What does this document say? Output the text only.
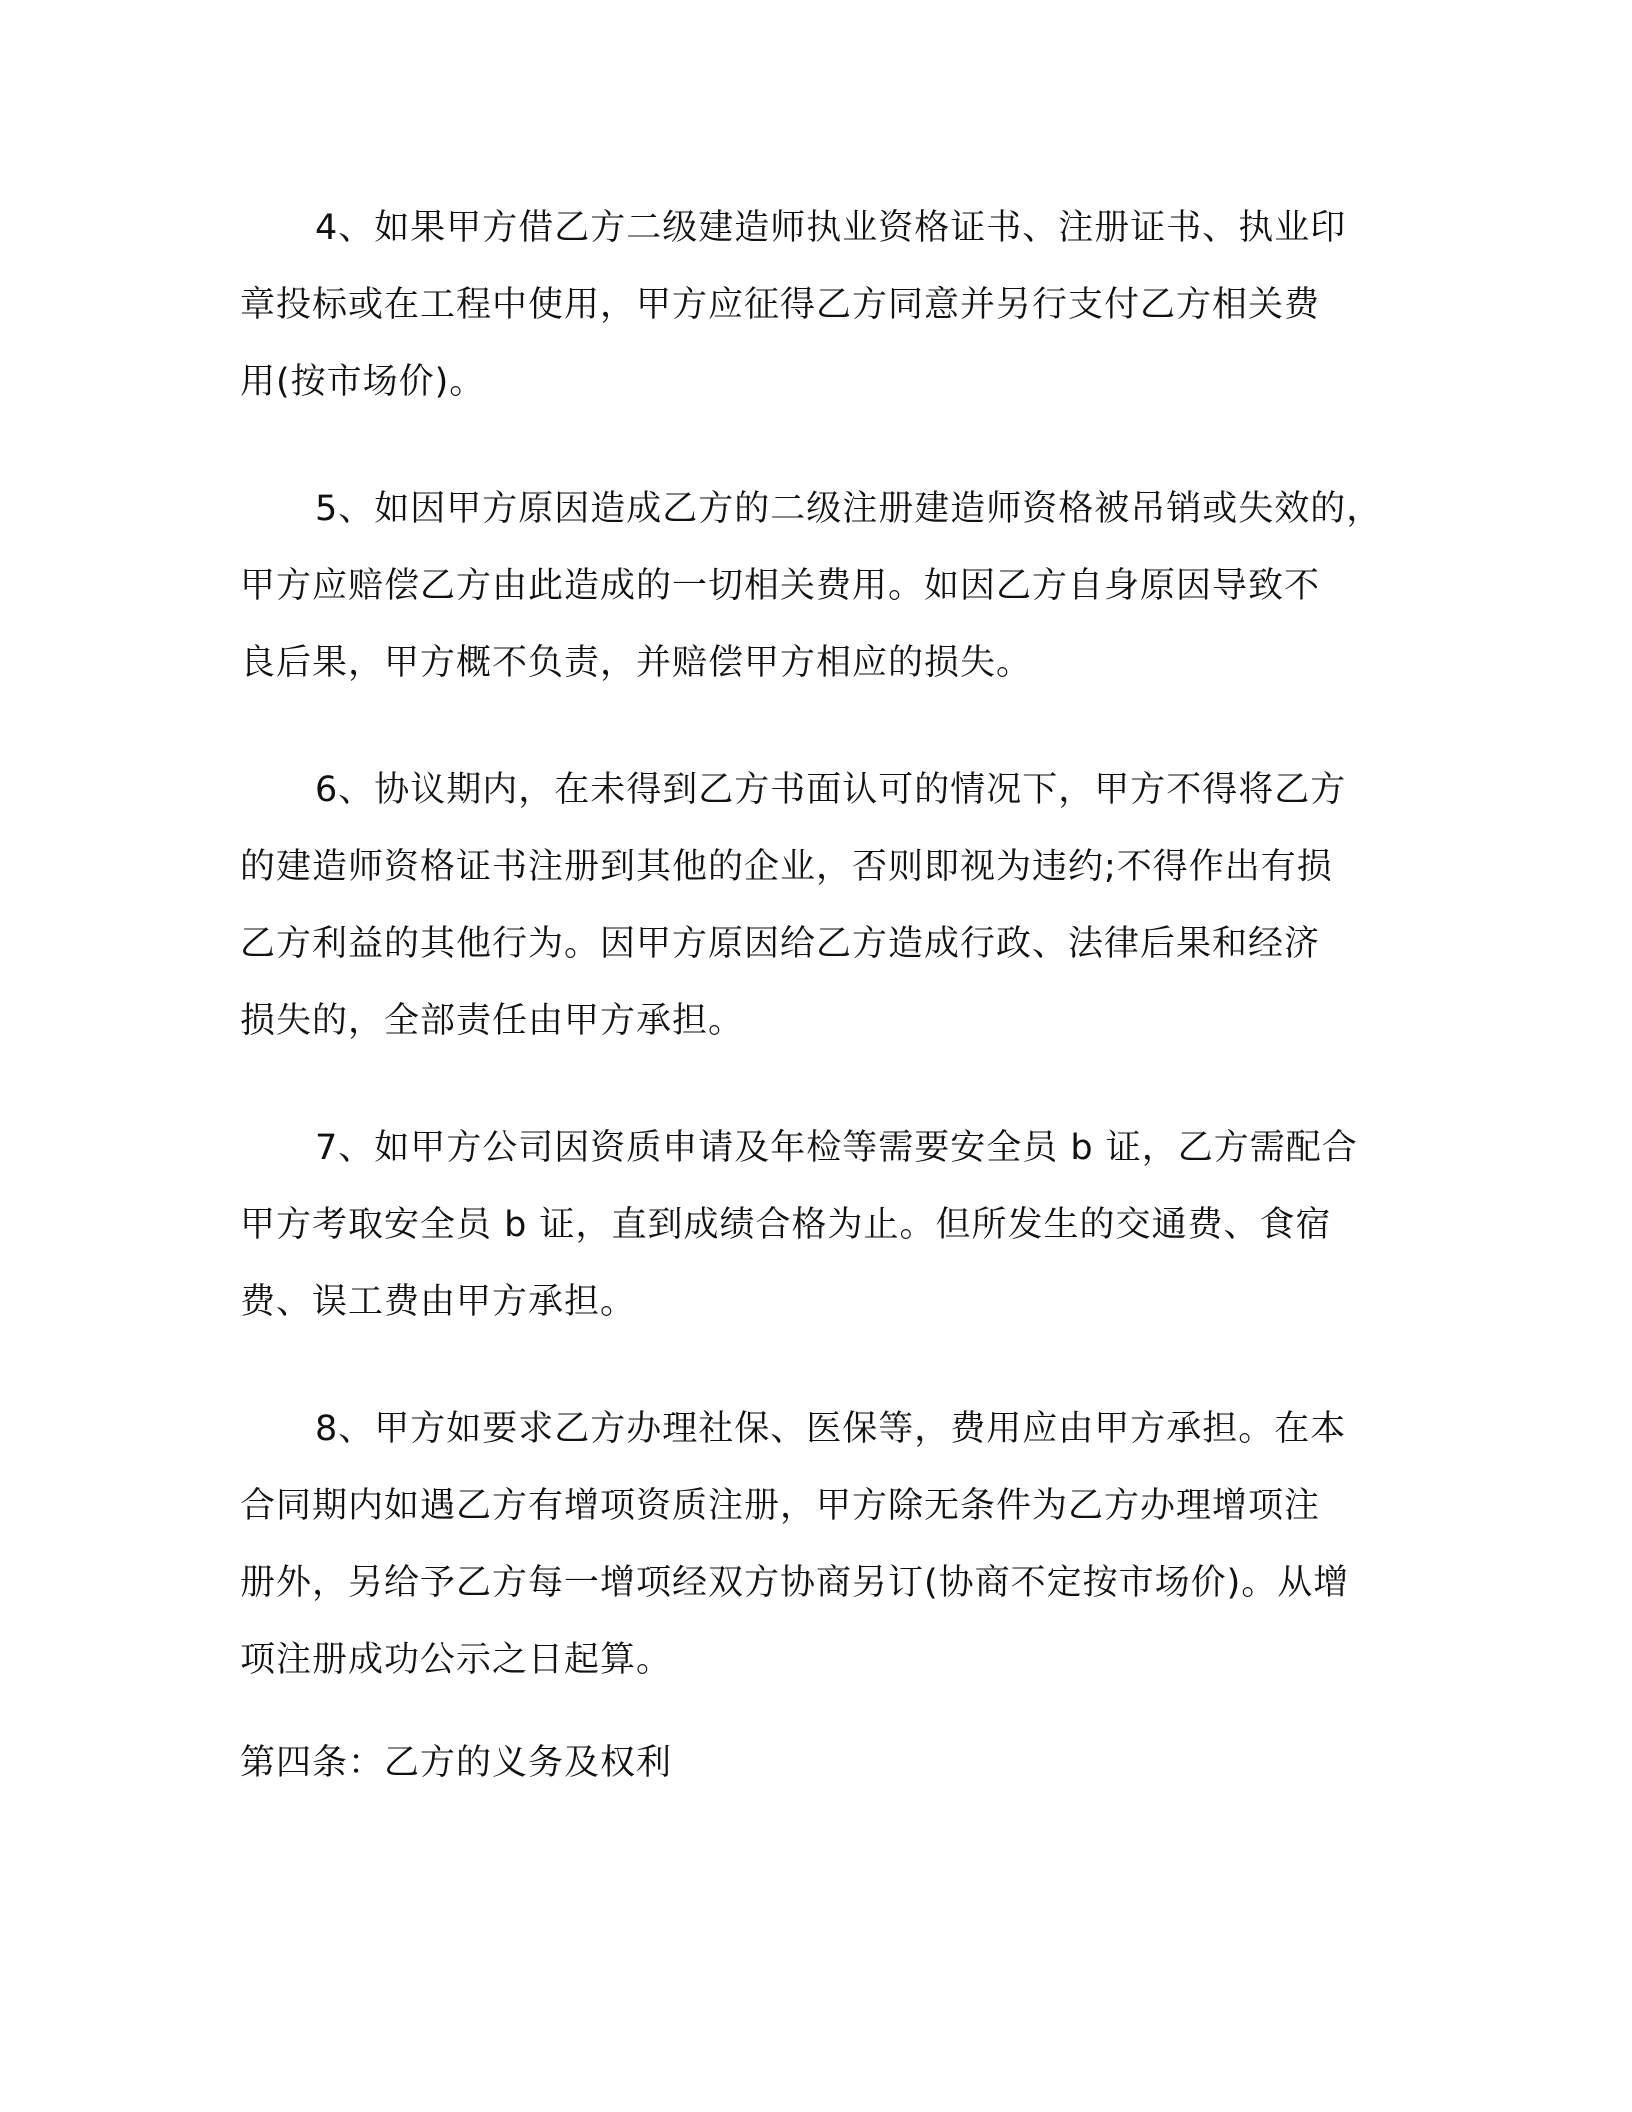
4、如果甲方借乙方二级建造师执业资格证书、注册证书、执业印
章投标或在工程中使用，甲方应征得乙方同意并另行支付乙方相关费
用(按市场价)。
5、如因甲方原因造成乙方的二级注册建造师资格被吊销或失效的，
甲方应赔偿乙方由此造成的一切相关费用。如因乙方自身原因导致不
良后果，甲方概不负责，并赔偿甲方相应的损失。
6、协议期内，在未得到乙方书面认可的情况下，甲方不得将乙方
的建造师资格证书注册到其他的企业，否则即视为违约;不得作出有损
乙方利益的其他行为。因甲方原因给乙方造成行政、法律后果和经济
损失的，全部责任由甲方承担。
7、如甲方公司因资质申请及年检等需要安全员 b 证，乙方需配合
甲方考取安全员 b 证，直到成绩合格为止。但所发生的交通费、食宿
费、误工费由甲方承担。
8、甲方如要求乙方办理社保、医保等，费用应由甲方承担。在本
合同期内如遇乙方有增项资质注册，甲方除无条件为乙方办理增项注
册外，另给予乙方每一增项经双方协商另订(协商不定按市场价)。从增
项注册成功公示之日起算。

第四条：乙方的义务及权利
